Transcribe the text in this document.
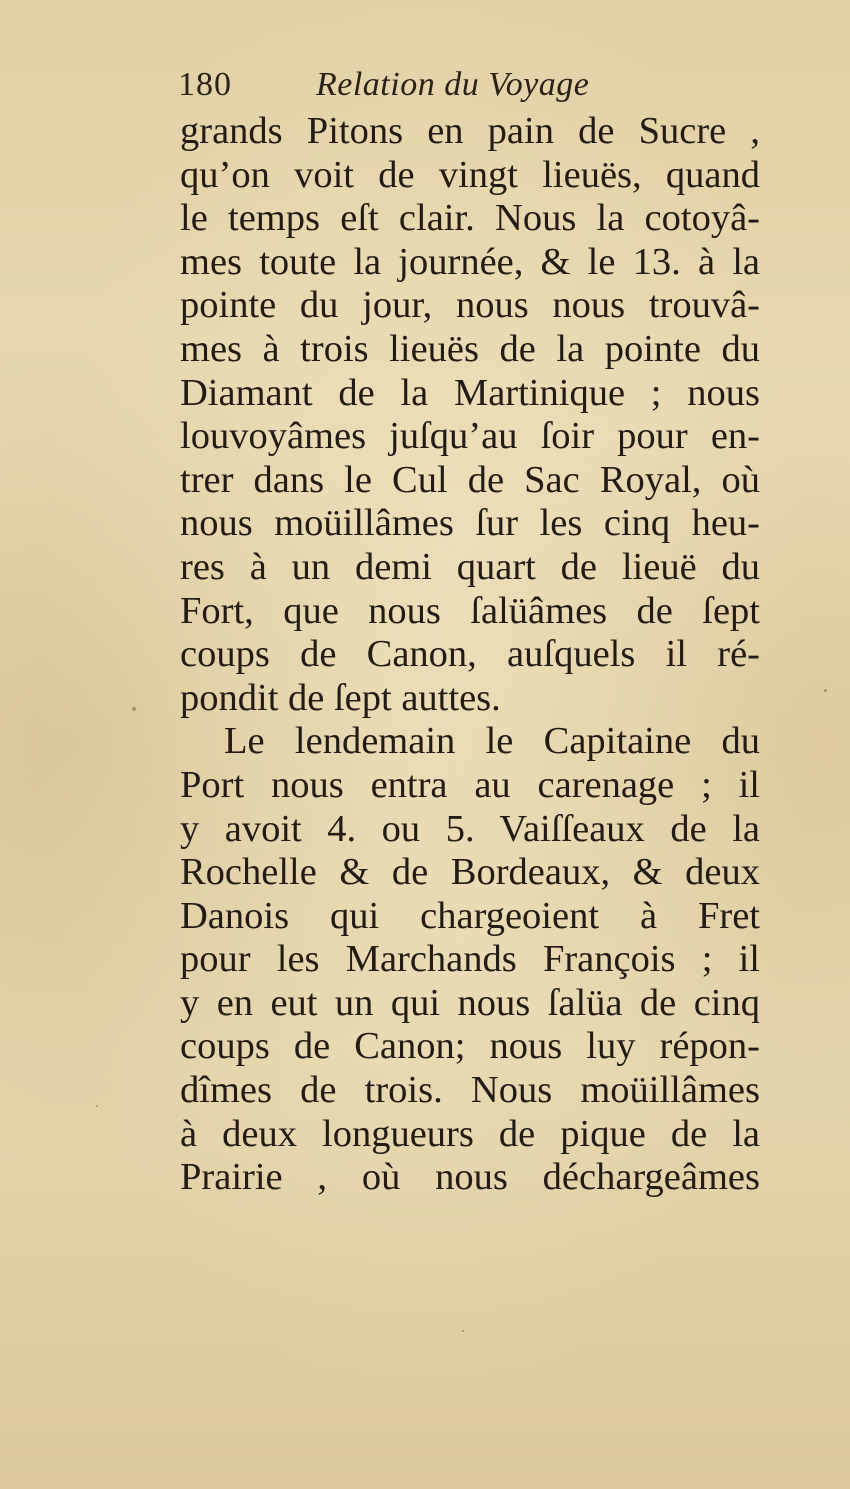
180 Relation du Voyage
grands Pitons en pain de Sucre ,
qu’on voit de vingt lieuës, quand
le temps eſt clair. Nous la cotoyâ-
mes toute la journée, & le 13. à la
pointe du jour, nous nous trouvâ-
mes à trois lieuës de la pointe du
Diamant de la Martinique ; nous
louvoyâmes juſqu’au ſoir pour en-
trer dans le Cul de Sac Royal, où
nous moüillâmes ſur les cinq heu-
res à un demi quart de lieuë du
Fort, que nous ſalüâmes de ſept
coups de Canon, auſquels il ré-
pondit de ſept auttes.
Le lendemain le Capitaine du
Port nous entra au carenage ; il
y avoit 4. ou 5. Vaiſſeaux de la
Rochelle & de Bordeaux, & deux
Danois qui chargeoient à Fret
pour les Marchands François ; il
y en eut un qui nous ſalüa de cinq
coups de Canon; nous luy répon-
dîmes de trois. Nous moüillâmes
à deux longueurs de pique de la
Prairie , où nous déchargeâmes
